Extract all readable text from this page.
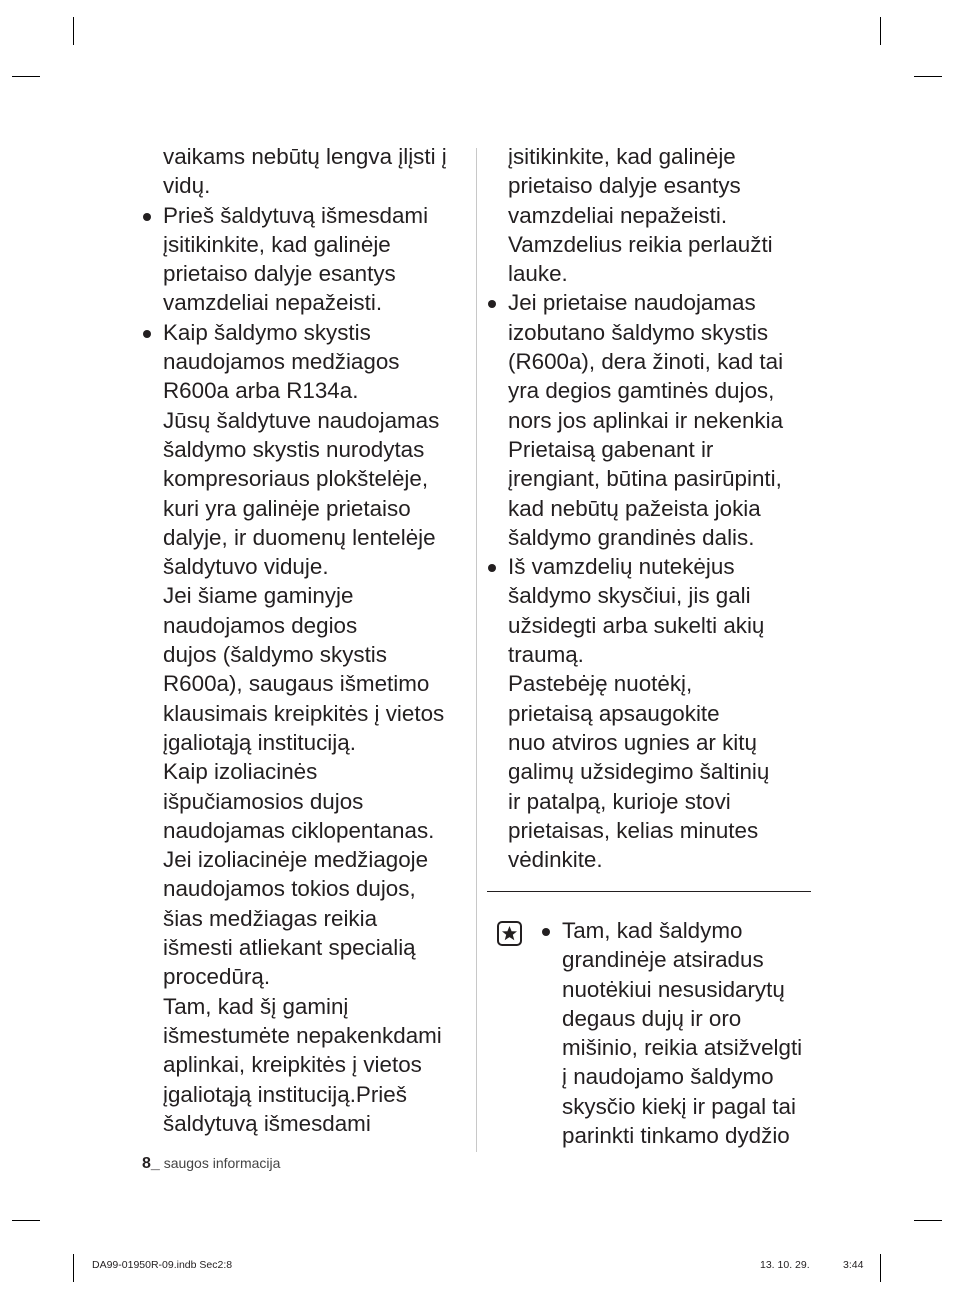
vaikams nebūtų lengva įlįsti į
vidų.
Prieš šaldytuvą išmesdami
įsitikinkite, kad galinėje
prietaiso dalyje esantys
vamzdeliai nepažeisti.
Kaip šaldymo skystis
naudojamos medžiagos
R600a arba R134a.
Jūsų šaldytuve naudojamas
šaldymo skystis nurodytas
kompresoriaus plokštelėje,
kuri yra galinėje prietaiso
dalyje, ir duomenų lentelėje
šaldytuvo viduje.
Jei šiame gaminyje
naudojamos degios
dujos (šaldymo skystis
R600a), saugaus išmetimo
klausimais kreipkitės į vietos
įgaliotąją instituciją.
Kaip izoliacinės
išpučiamosios dujos
naudojamas ciklopentanas.
Jei izoliacinėje medžiagoje
naudojamos tokios dujos,
šias medžiagas reikia
išmesti atliekant specialią
procedūrą.
Tam, kad šį gaminį
išmestumėte nepakenkdami
aplinkai, kreipkitės į vietos
įgaliotąją instituciją.Prieš
šaldytuvą išmesdami
įsitikinkite, kad galinėje
prietaiso dalyje esantys
vamzdeliai nepažeisti.
Vamzdelius reikia perlaužti
lauke.
Jei prietaise naudojamas
izobutano šaldymo skystis
(R600a), dera žinoti, kad tai
yra degios gamtinės dujos,
nors jos aplinkai ir nekenkia
Prietaisą gabenant ir
įrengiant, būtina pasirūpinti,
kad nebūtų pažeista jokia
šaldymo grandinės dalis.
Iš vamzdelių nutekėjus
šaldymo skysčiui, jis gali
užsidegti arba sukelti akių
traumą.
Pastebėję nuotėkį,
prietaisą apsaugokite
nuo atviros ugnies ar kitų
galimų užsidegimo šaltinių
ir patalpą, kurioje stovi
prietaisas, kelias minutes
vėdinkite.
Tam, kad šaldymo
grandinėje atsiradus
nuotėkiui nesusidarytų
degaus dujų ir oro
mišinio, reikia atsižvelgti
į naudojamo šaldymo
skysčio kiekį ir pagal tai
parinkti tinkamo dydžio
8_ saugos informacija
DA99-01950R-09.indb Sec2:8	13. 10. 29.	3:44
